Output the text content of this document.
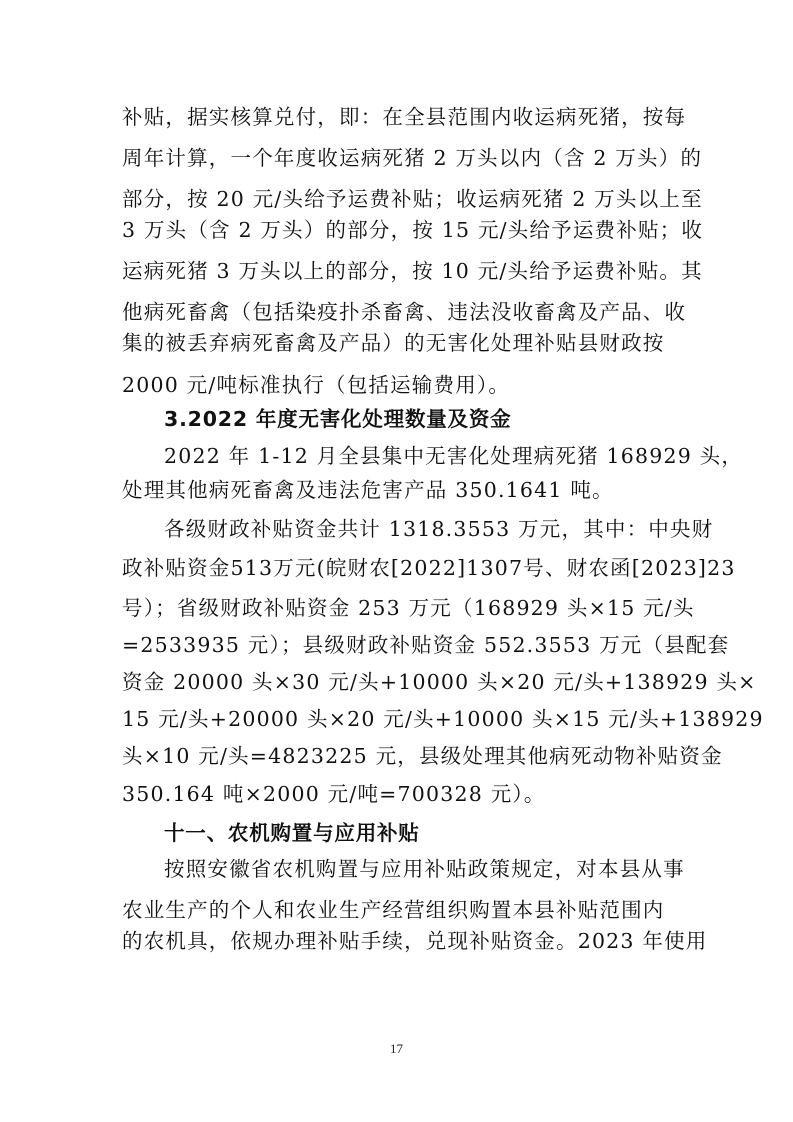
补贴，据实核算兑付，即：在全县范围内收运病死猪，按每
周年计算，一个年度收运病死猪 2 万头以内（含 2 万头）的
部分，按 20 元/头给予运费补贴；收运病死猪 2 万头以上至
3 万头（含 2 万头）的部分，按 15 元/头给予运费补贴；收
运病死猪 3 万头以上的部分，按 10 元/头给予运费补贴。其
他病死畜禽（包括染疫扑杀畜禽、违法没收畜禽及产品、收
集的被丢弃病死畜禽及产品）的无害化处理补贴县财政按
2000 元/吨标准执行（包括运输费用）。
3.2022 年度无害化处理数量及资金
2022 年 1-12 月全县集中无害化处理病死猪 168929 头，
处理其他病死畜禽及违法危害产品 350.1641 吨。
各级财政补贴资金共计 1318.3553 万元，其中：中央财
政补贴资金513万元(皖财农[2022]1307号、财农函[2023]23
号）；省级财政补贴资金 253 万元（168929 头×15 元/头
=2533935 元）；县级财政补贴资金 552.3553 万元（县配套
资金 20000 头×30 元/头+10000 头×20 元/头+138929 头×
15 元/头+20000 头×20 元/头+10000 头×15 元/头+138929
头×10 元/头=4823225 元，县级处理其他病死动物补贴资金
350.164 吨×2000 元/吨=700328 元）。
十一、农机购置与应用补贴
按照安徽省农机购置与应用补贴政策规定，对本县从事
农业生产的个人和农业生产经营组织购置本县补贴范围内
的农机具，依规办理补贴手续，兑现补贴资金。2023 年使用
17
